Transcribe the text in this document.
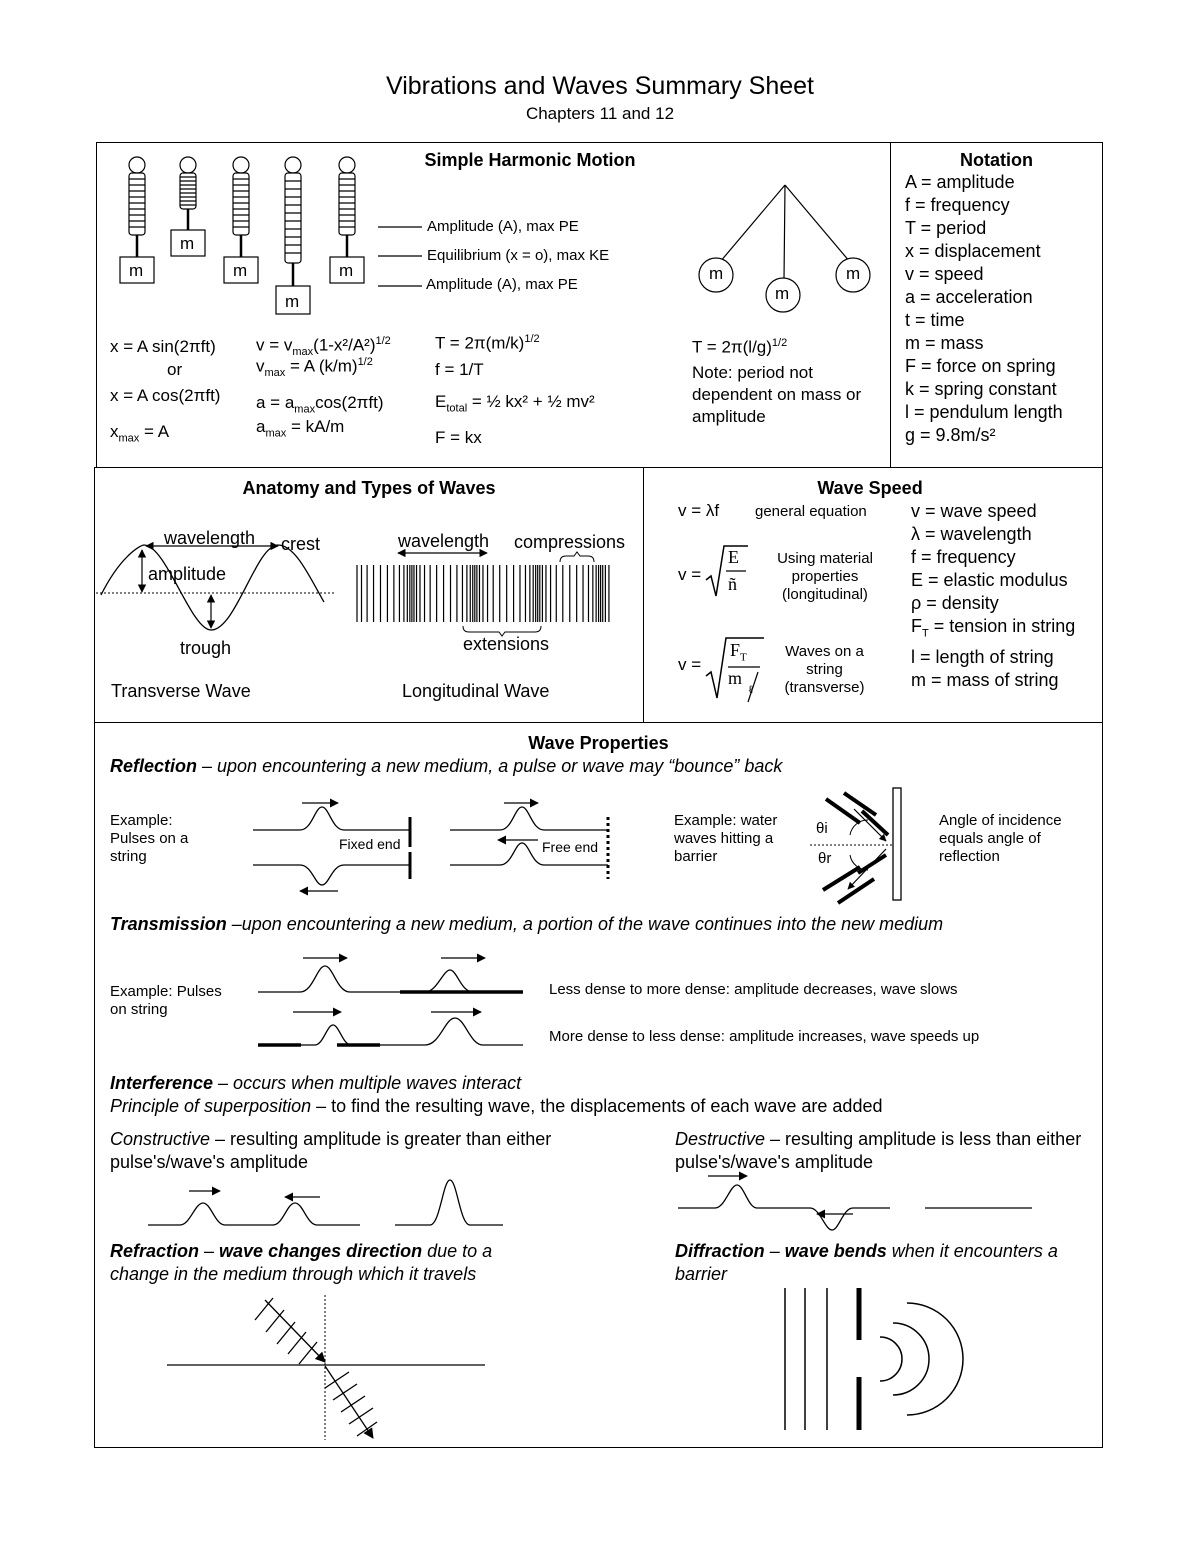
Vibrations and Waves Summary Sheet
Chapters 11 and 12
Simple Harmonic Motion
m
m
m
m
m
Amplitude (A), max PE
Equilibrium (x = o), max KE
Amplitude (A), max PE
m
m
m
x = A sin(2πft)
or
x = A cos(2πft)
$x_{max} = A$
$v = v_{max}(1-x^2/A^2)^{1/2}$
$v_{max} = A$ $(k/m)^{1/2}$
$a = a_{max}\cos(2\pi ft)$
$a_{max} = kA/m$
$T = 2\pi(m/k)^{1/2}$
f = 1/T
$E_{total}$ = ½ kx² + ½ mv²
F = kx
$T = 2\pi(l/g)^{1/2}$
Note: period not dependent on mass or amplitude
Notation
A = amplitude
f = frequency
T = period
x = displacement
v = speed
a = acceleration
t = time
m = mass
F = force on spring
k = spring constant
l = pendulum length
g = 9.8m/s²
Anatomy and Types of Waves
wavelength crest
amplitude
trough
Transverse Wave
wavelength compressions
extensions
Longitudinal Wave
Wave Speed
v = λf general equation
v =
E
ñ
Using material properties (longitudinal)
v =
$F_T$
$m_\ell$
Waves on a string (transverse)
v = wave speed
λ = wavelength
f = frequency
E = elastic modulus
ρ = density
$F_T$ = tension in string
l = length of string
m = mass of string
Wave Properties
Reflection – upon encountering a new medium, a pulse or wave may “bounce” back
Example: Pulses on a string
Fixed end	Free end
Example: water waves hitting a barrier
θi
θr
Angle of incidence equals angle of reflection
Transmission –upon encountering a new medium, a portion of the wave continues into the new medium
Example: Pulses on string
Less dense to more dense: amplitude decreases, wave slows
More dense to less dense: amplitude increases, wave speeds up
Interference – occurs when multiple waves interact
Principle of superposition – to find the resulting wave, the displacements of each wave are added
Constructive – resulting amplitude is greater than either pulse's/wave's amplitude
Destructive – resulting amplitude is less than either pulse's/wave's amplitude
Refraction – wave changes direction due to a change in the medium through which it travels
Diffraction – wave bends when it encounters a barrier
